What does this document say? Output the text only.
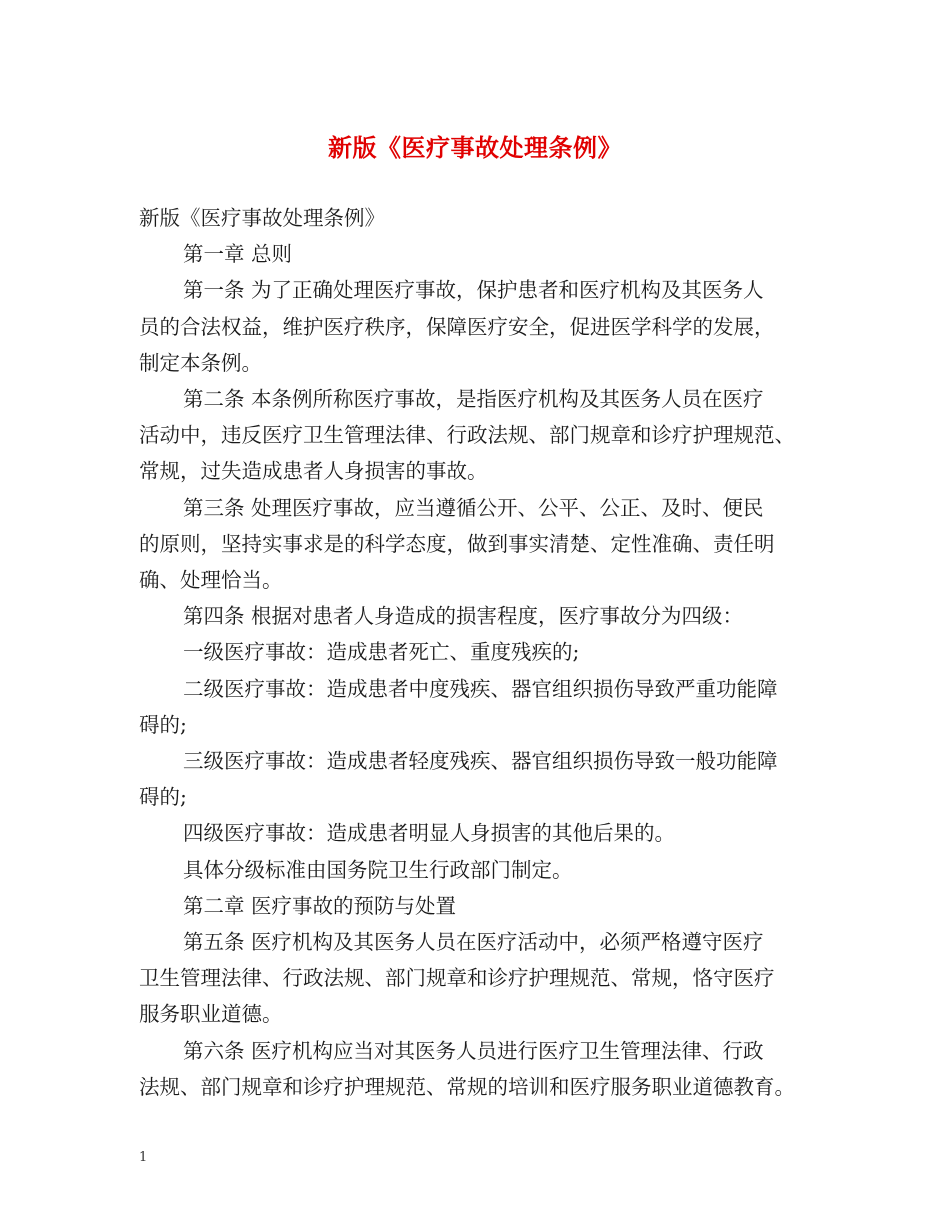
新版《医疗事故处理条例》

新版《医疗事故处理条例》

第一章 总则

第一条 为了正确处理医疗事故，保护患者和医疗机构及其医务人

员的合法权益，维护医疗秩序，保障医疗安全，促进医学科学的发展，

制定本条例。

第二条 本条例所称医疗事故，是指医疗机构及其医务人员在医疗

活动中，违反医疗卫生管理法律、行政法规、部门规章和诊疗护理规范、

常规，过失造成患者人身损害的事故。

第三条 处理医疗事故，应当遵循公开、公平、公正、及时、便民

的原则，坚持实事求是的科学态度，做到事实清楚、定性准确、责任明

确、处理恰当。

第四条 根据对患者人身造成的损害程度，医疗事故分为四级：

一级医疗事故：造成患者死亡、重度残疾的;

二级医疗事故：造成患者中度残疾、器官组织损伤导致严重功能障

碍的;

三级医疗事故：造成患者轻度残疾、器官组织损伤导致一般功能障

碍的;

四级医疗事故：造成患者明显人身损害的其他后果的。

具体分级标准由国务院卫生行政部门制定。

第二章 医疗事故的预防与处置

第五条 医疗机构及其医务人员在医疗活动中，必须严格遵守医疗

卫生管理法律、行政法规、部门规章和诊疗护理规范、常规，恪守医疗

服务职业道德。

第六条 医疗机构应当对其医务人员进行医疗卫生管理法律、行政

法规、部门规章和诊疗护理规范、常规的培训和医疗服务职业道德教育。

1
